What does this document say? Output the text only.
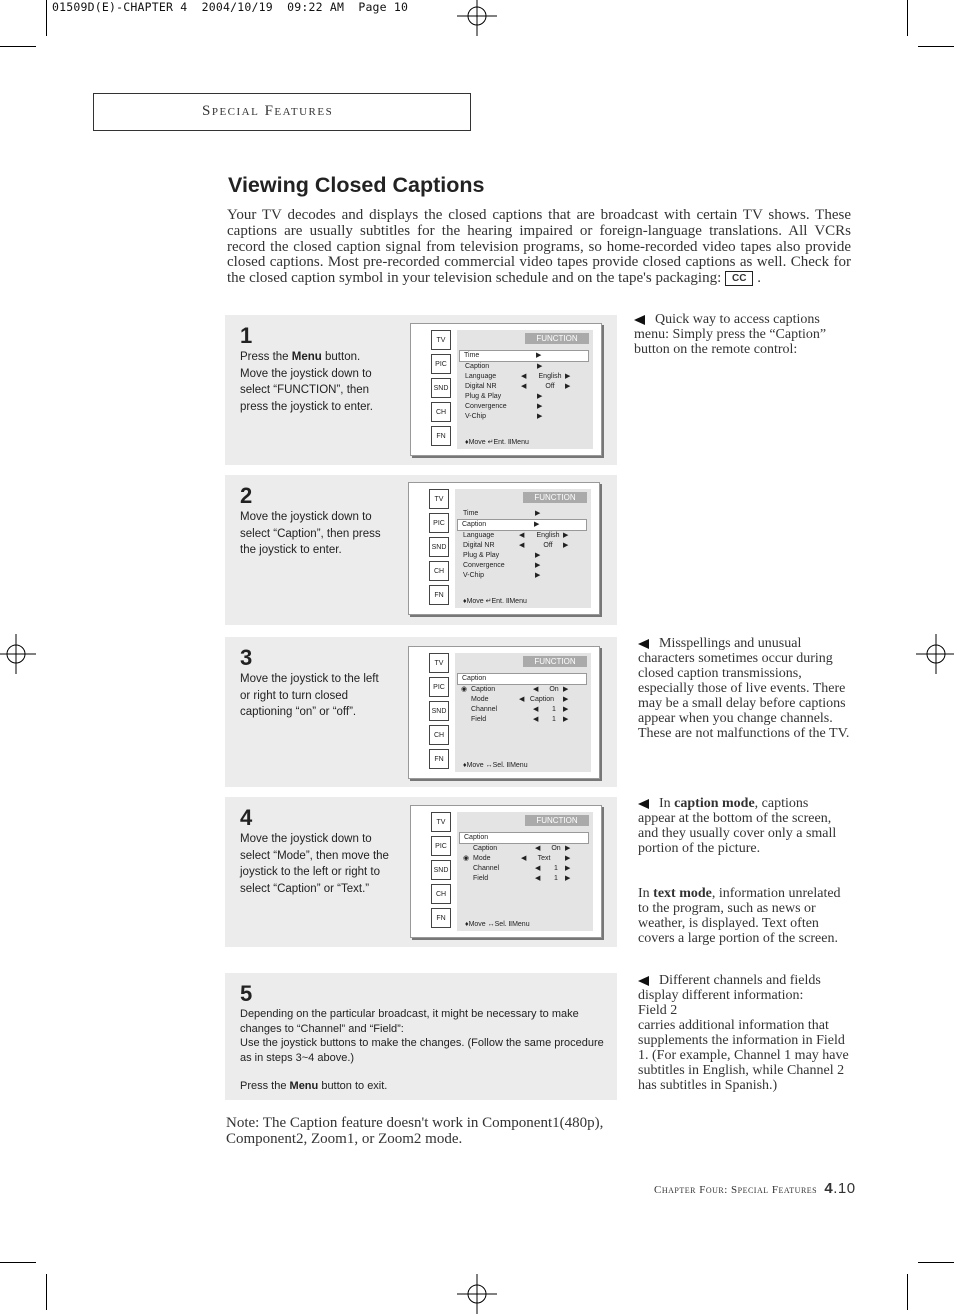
01509D(E)-CHAPTER 4  2004/10/19  09:22 AM  Page 10
Special Features
Viewing Closed Captions
Your TV decodes and displays the closed captions that are broadcast with certain TV shows. These captions are usually subtitles for the hearing impaired or foreign-language translations. All VCRs record the closed caption signal from television programs, so home-recorded video tapes also provide closed captions. Most pre-recorded commercial video tapes provide closed captions as well. Check for the closed caption symbol in your television schedule and on the tape's packaging: CC .
1
Press the Menu button. Move the joystick down to select “FUNCTION”, then press the joystick to enter.
TV
PIC
SND
CH
FN
FUNCTION
Time	▶
Caption	▶
Language	◀	English ▶
Digital NR	◀	Off	▶
Plug & Play	▶
Convergence	▶
V-Chip	▶
♦Move ↵Ent. ⅡMenu
2
Move the joystick down to select “Caption”, then press the joystick to enter.
TV
PIC
SND
CH
FN
FUNCTION
Time	▶
Caption	▶
Language	◀	English ▶
Digital NR	◀	Off	▶
Plug & Play	▶
Convergence	▶
V-Chip	▶
♦Move ↵Ent. ⅡMenu
3
Move the joystick to the left or right to turn closed captioning “on” or “off”.
TV
PIC
SND
CH
FN
FUNCTION
Caption
◉ Caption	◀	On ▶
Mode	◀ Caption	▶
Channel	◀	1	▶
Field	◀	1	▶
♦Move ↔Sel. ⅡMenu
4
Move the joystick down to select “Mode”, then move the joystick to the left or right to select “Caption” or “Text.”
TV
PIC
SND
CH
FN
FUNCTION
Caption
Caption	◀	On ▶
◉ Mode	◀	Text	▶
Channel	◀	1	▶
Field	◀	1	▶
♦Move ↔Sel. ⅡMenu
5
Depending on the particular broadcast, it might be necessary to make changes to “Channel” and “Field”:
Use the joystick buttons to make the changes. (Follow the same procedure as in steps 3~4 above.)
Press the Menu button to exit.
Quick way to access captions menu: Simply press the “Caption” button on the remote control:
Misspellings and unusual characters sometimes occur during closed caption transmissions, especially those of live events. There may be a small delay before captions appear when you change channels. These are not malfunctions of the TV.
In caption mode, captions appear at the bottom of the screen, and they usually cover only a small portion of the picture.
In text mode, information unrelated to the program, such as news or weather, is displayed. Text often covers a large portion of the screen.
Different channels and fields display different information:
Field 2
carries additional information that supplements the information in Field 1. (For example, Channel 1 may have subtitles in English, while Channel 2 has subtitles in Spanish.)
Note: The Caption feature doesn't work in Component1(480p), Component2, Zoom1, or Zoom2 mode.
Chapter Four: Special Features 4.10
